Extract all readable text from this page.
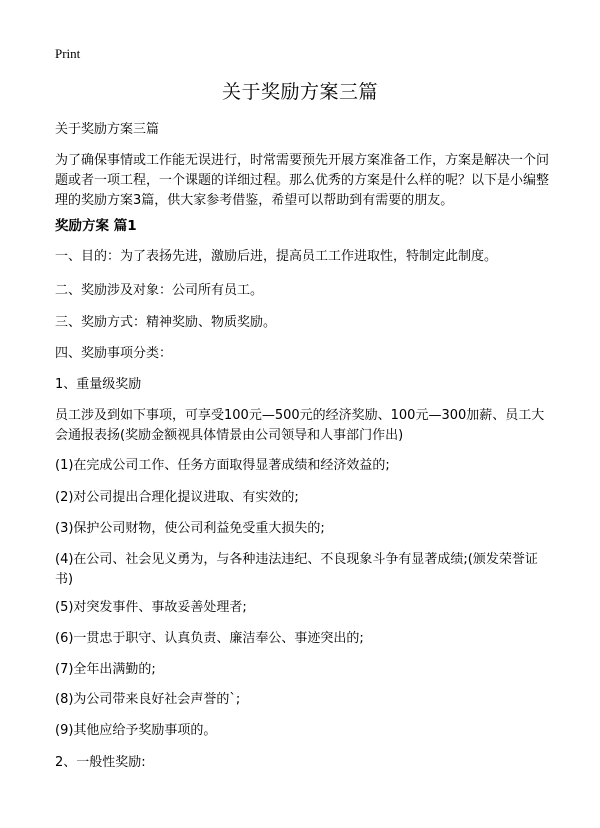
Print
关于奖励方案三篇
关于奖励方案三篇
为了确保事情或工作能无误进行，时常需要预先开展方案准备工作，方案是解决一个问题或者一项工程，一个课题的详细过程。那么优秀的方案是什么样的呢？以下是小编整理的奖励方案3篇，供大家参考借鉴，希望可以帮助到有需要的朋友。
奖励方案 篇1
一、目的：为了表扬先进，激励后进，提高员工工作进取性，特制定此制度。
二、奖励涉及对象：公司所有员工。
三、奖励方式：精神奖励、物质奖励。
四、奖励事项分类：
1、重量级奖励
员工涉及到如下事项，可享受100元—500元的经济奖励、100元—300加薪、员工大会通报表扬(奖励金额视具体情景由公司领导和人事部门作出)
(1)在完成公司工作、任务方面取得显著成绩和经济效益的;
(2)对公司提出合理化提议进取、有实效的;
(3)保护公司财物，使公司利益免受重大损失的;
(4)在公司、社会见义勇为，与各种违法违纪、不良现象斗争有显著成绩;(颁发荣誉证书)
(5)对突发事件、事故妥善处理者;
(6)一贯忠于职守、认真负责、廉洁奉公、事迹突出的;
(7)全年出满勤的;
(8)为公司带来良好社会声誉的`;
(9)其他应给予奖励事项的。
2、一般性奖励:
